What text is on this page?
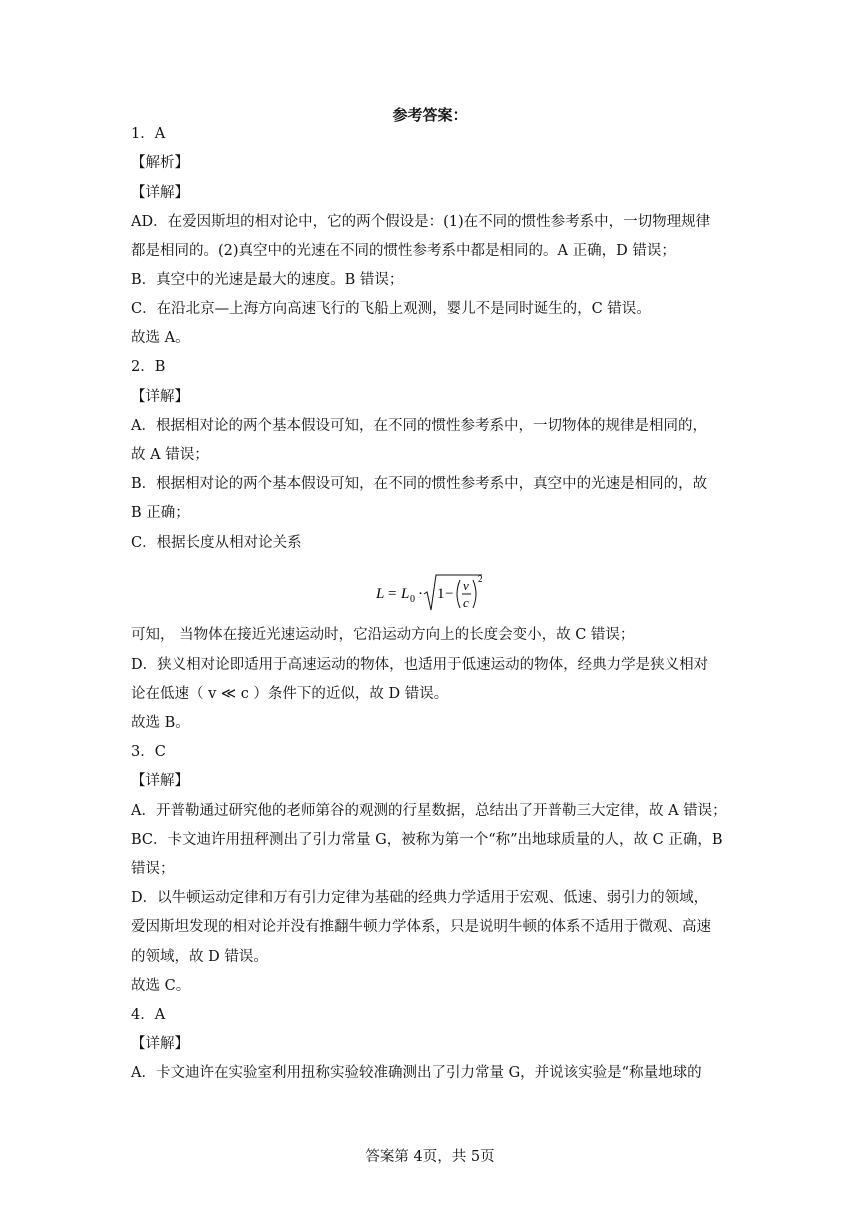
参考答案：
1．A
【解析】
【详解】
AD．在爱因斯坦的相对论中，它的两个假设是：(1)在不同的惯性参考系中，一切物理规律
都是相同的。(2)真空中的光速在不同的惯性参考系中都是相同的。A 正确，D 错误；
B．真空中的光速是最大的速度。B 错误；
C．在沿北京—上海方向高速飞行的飞船上观测，婴儿不是同时诞生的，C 错误。
故选 A。
2．B
【详解】
A．根据相对论的两个基本假设可知，在不同的惯性参考系中，一切物体的规律是相同的，
故 A 错误；
B．根据相对论的两个基本假设可知，在不同的惯性参考系中，真空中的光速是相同的，故
B 正确；
C．根据长度从相对论关系
可知， 当物体在接近光速运动时，它沿运动方向上的长度会变小，故 C 错误；
D．狭义相对论即适用于高速运动的物体，也适用于低速运动的物体，经典力学是狭义相对
论在低速（ v ≪ c ）条件下的近似，故 D 错误。
故选 B。
3．C
【详解】
A．开普勒通过研究他的老师第谷的观测的行星数据，总结出了开普勒三大定律，故 A 错误；
BC．卡文迪许用扭秤测出了引力常量 G，被称为第一个“称”出地球质量的人，故 C 正确，B
错误；
D．以牛顿运动定律和万有引力定律为基础的经典力学适用于宏观、低速、弱引力的领域，
爱因斯坦发现的相对论并没有推翻牛顿力学体系，只是说明牛顿的体系不适用于微观、高速
的领域，故 D 错误。
故选 C。
4．A
【详解】
A．卡文迪许在实验室利用扭称实验较准确测出了引力常量 G，并说该实验是“称量地球的
L = L 0 · 1 −
v
c
2
答案第 4页，共 5页
